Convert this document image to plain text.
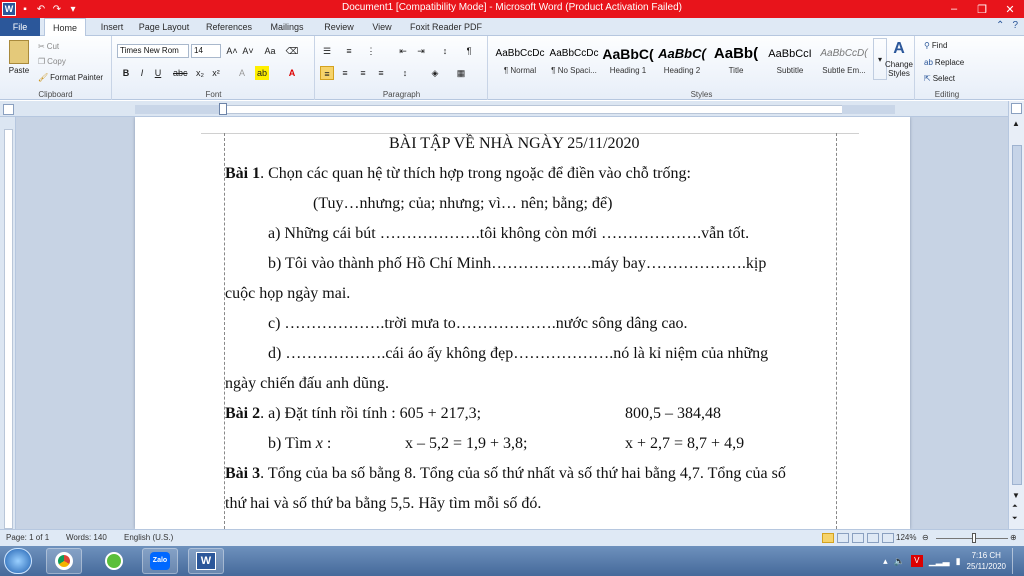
W ▪	↶ ↷ ▾	Document1 [Compatibility Mode] - Microsoft Word (Product Activation Failed)	–	❐	✕
File	Home	Insert	Page Layout	References	Mailings	Review	View	Foxit Reader PDF	⌃ ?
Paste
✂ Cut
❐ Copy
🖌 Format Painter
Clipboard
Times New Rom	14	A˄ A˅ Aa ⌫
B	I	U	abc x₂ x²	A	ab	A
Font
☰	≡	⋮	⇤	⇥	↕	¶
≡	≡	≡	≡	↕	◈	▦
Paragraph
AaBbCcDc
¶ Normal
AaBbCcDc
¶ No Spaci...
AaBbC(
Heading 1
AaBbC(
Heading 2
AaBb(
Title
AaBbCcI
Subtitle
AaBbCcD(
Subtle Em...
▾
A
Change Styles
Styles
⚲ Find
ab Replace
⇱ Select
Editing
BÀI TẬP VỀ NHÀ NGÀY 25/11/2020
Bài 1. Chọn các quan hệ từ thích hợp trong ngoặc để điền vào chỗ trống:
(Tuy…nhưng; của; nhưng; vì… nên; bằng; để)
a) Những cái bút ……………….tôi không còn mới ……………….vẫn tốt.
b) Tôi vào thành phố Hồ Chí Minh……………….máy bay……………….kịp
cuộc họp ngày mai.
c) ……………….trời mưa to……………….nước sông dâng cao.
d) ……………….cái áo ấy không đẹp……………….nó là kỉ niệm của những
ngày chiến đấu anh dũng.
Bài 2. a) Đặt tính rồi tính : 605 + 217,3;	800,5 – 384,48
b) Tìm x :	x – 5,2 = 1,9 + 3,8;	x + 2,7 = 8,7 + 4,9
Bài 3. Tổng của ba số bằng 8. Tổng của số thứ nhất và số thứ hai bằng 4,7. Tổng của số
thứ hai và số thứ ba bằng 5,5. Hãy tìm mỗi số đó.
▲
▼
⏶
⏷
Page: 1 of 1 Words: 140 English (U.S.)	124% ⊖	⊕
Zalo	W	▴ 🔈	V	▁▂▃ ▮	7:16 CH
25/11/2020
